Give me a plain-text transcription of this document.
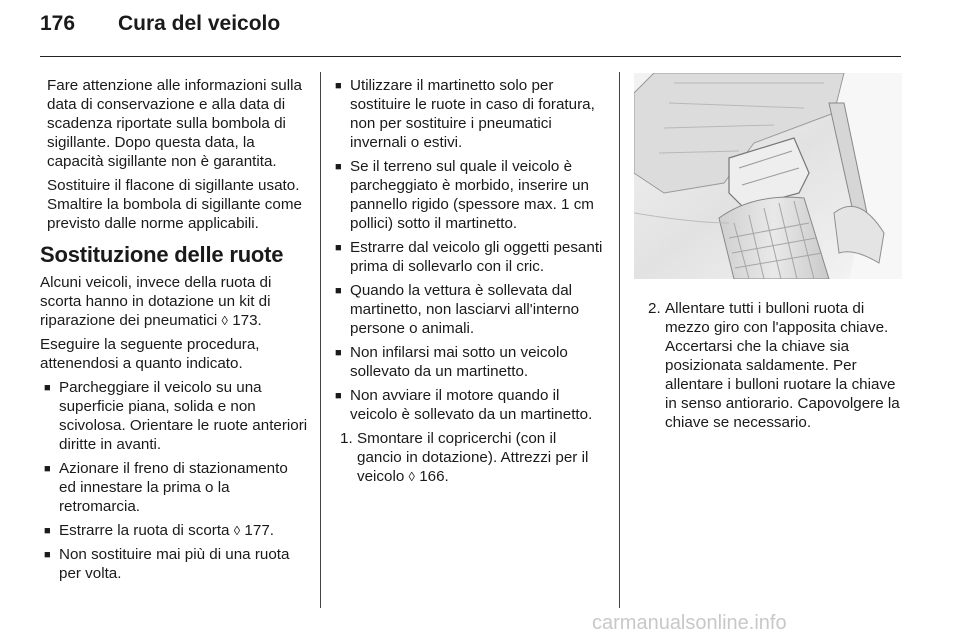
176 Cura del veicolo

Fare attenzione alle informazioni sulla data di conservazione e alla data di scadenza riportate sulla bombola di sigillante. Dopo questa data, la capacità sigillante non è garantita.

Sostituire il flacone di sigillante usato. Smaltire la bombola di sigillante come previsto dalle norme applicabili.

Sostituzione delle ruote

Alcuni veicoli, invece della ruota di scorta hanno in dotazione un kit di riparazione dei pneumatici ◊ 173.

Eseguire la seguente procedura, attenendosi a quanto indicato.

■ Parcheggiare il veicolo su una superficie piana, solida e non scivolosa. Orientare le ruote anteriori diritte in avanti.
■ Azionare il freno di stazionamento ed innestare la prima o la retromarcia.
■ Estrarre la ruota di scorta ◊ 177.
■ Non sostituire mai più di una ruota per volta.
■ Utilizzare il martinetto solo per sostituire le ruote in caso di foratura, non per sostituire i pneumatici invernali o estivi.
■ Se il terreno sul quale il veicolo è parcheggiato è morbido, inserire un pannello rigido (spessore max. 1 cm pollici) sotto il martinetto.
■ Estrarre dal veicolo gli oggetti pesanti prima di sollevarlo con il cric.
■ Quando la vettura è sollevata dal martinetto, non lasciarvi all'interno persone o animali.
■ Non infilarsi mai sotto un veicolo sollevato da un martinetto.
■ Non avviare il motore quando il veicolo è sollevato da un martinetto.
1. Smontare il copricerchi (con il gancio in dotazione). Attrezzi per il veicolo ◊ 166.
2. Allentare tutti i bulloni ruota di mezzo giro con l'apposita chiave. Accertarsi che la chiave sia posizionata saldamente. Per allentare i bulloni ruotare la chiave in senso antiorario. Capovolgere la chiave se necessario.
carmanualsonline.info
